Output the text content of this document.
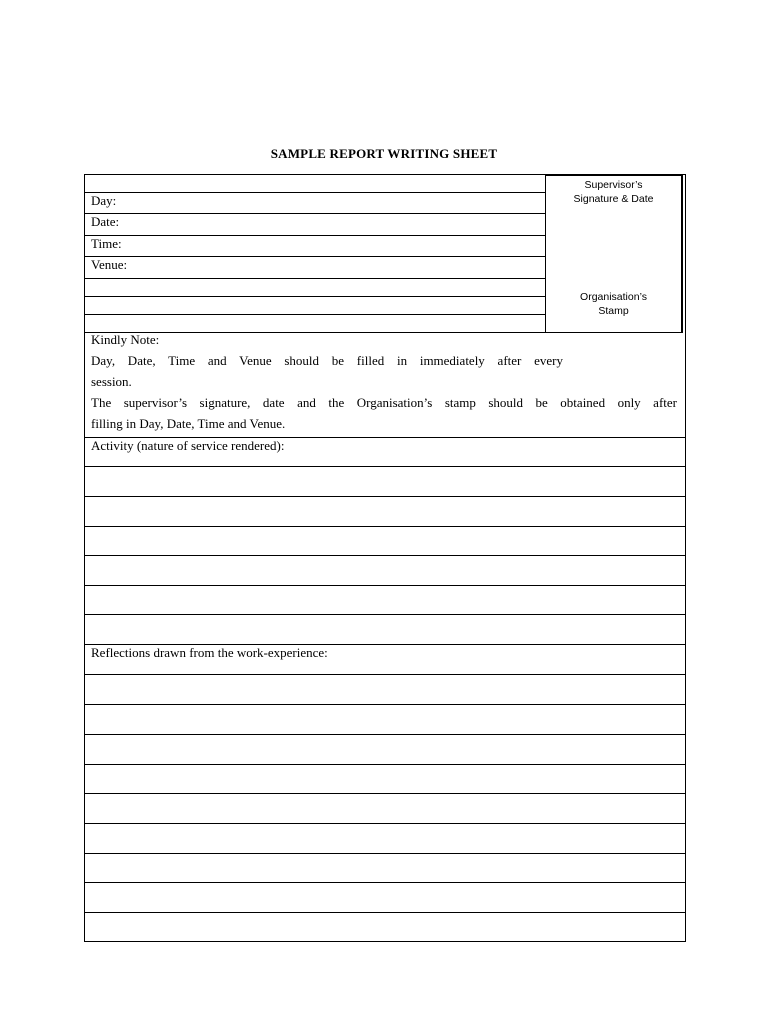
SAMPLE REPORT WRITING SHEET
Day:
Date:
Time:
Venue:
Supervisor’s
Signature & Date
Organisation’s
Stamp
Kindly Note:
Day, Date, Time and Venue should be filled in immediately after every
session.
The supervisor’s signature, date and the Organisation’s stamp should be obtained only after
filling in Day, Date, Time and Venue.
Activity (nature of service rendered):
Reflections drawn from the work-experience:
